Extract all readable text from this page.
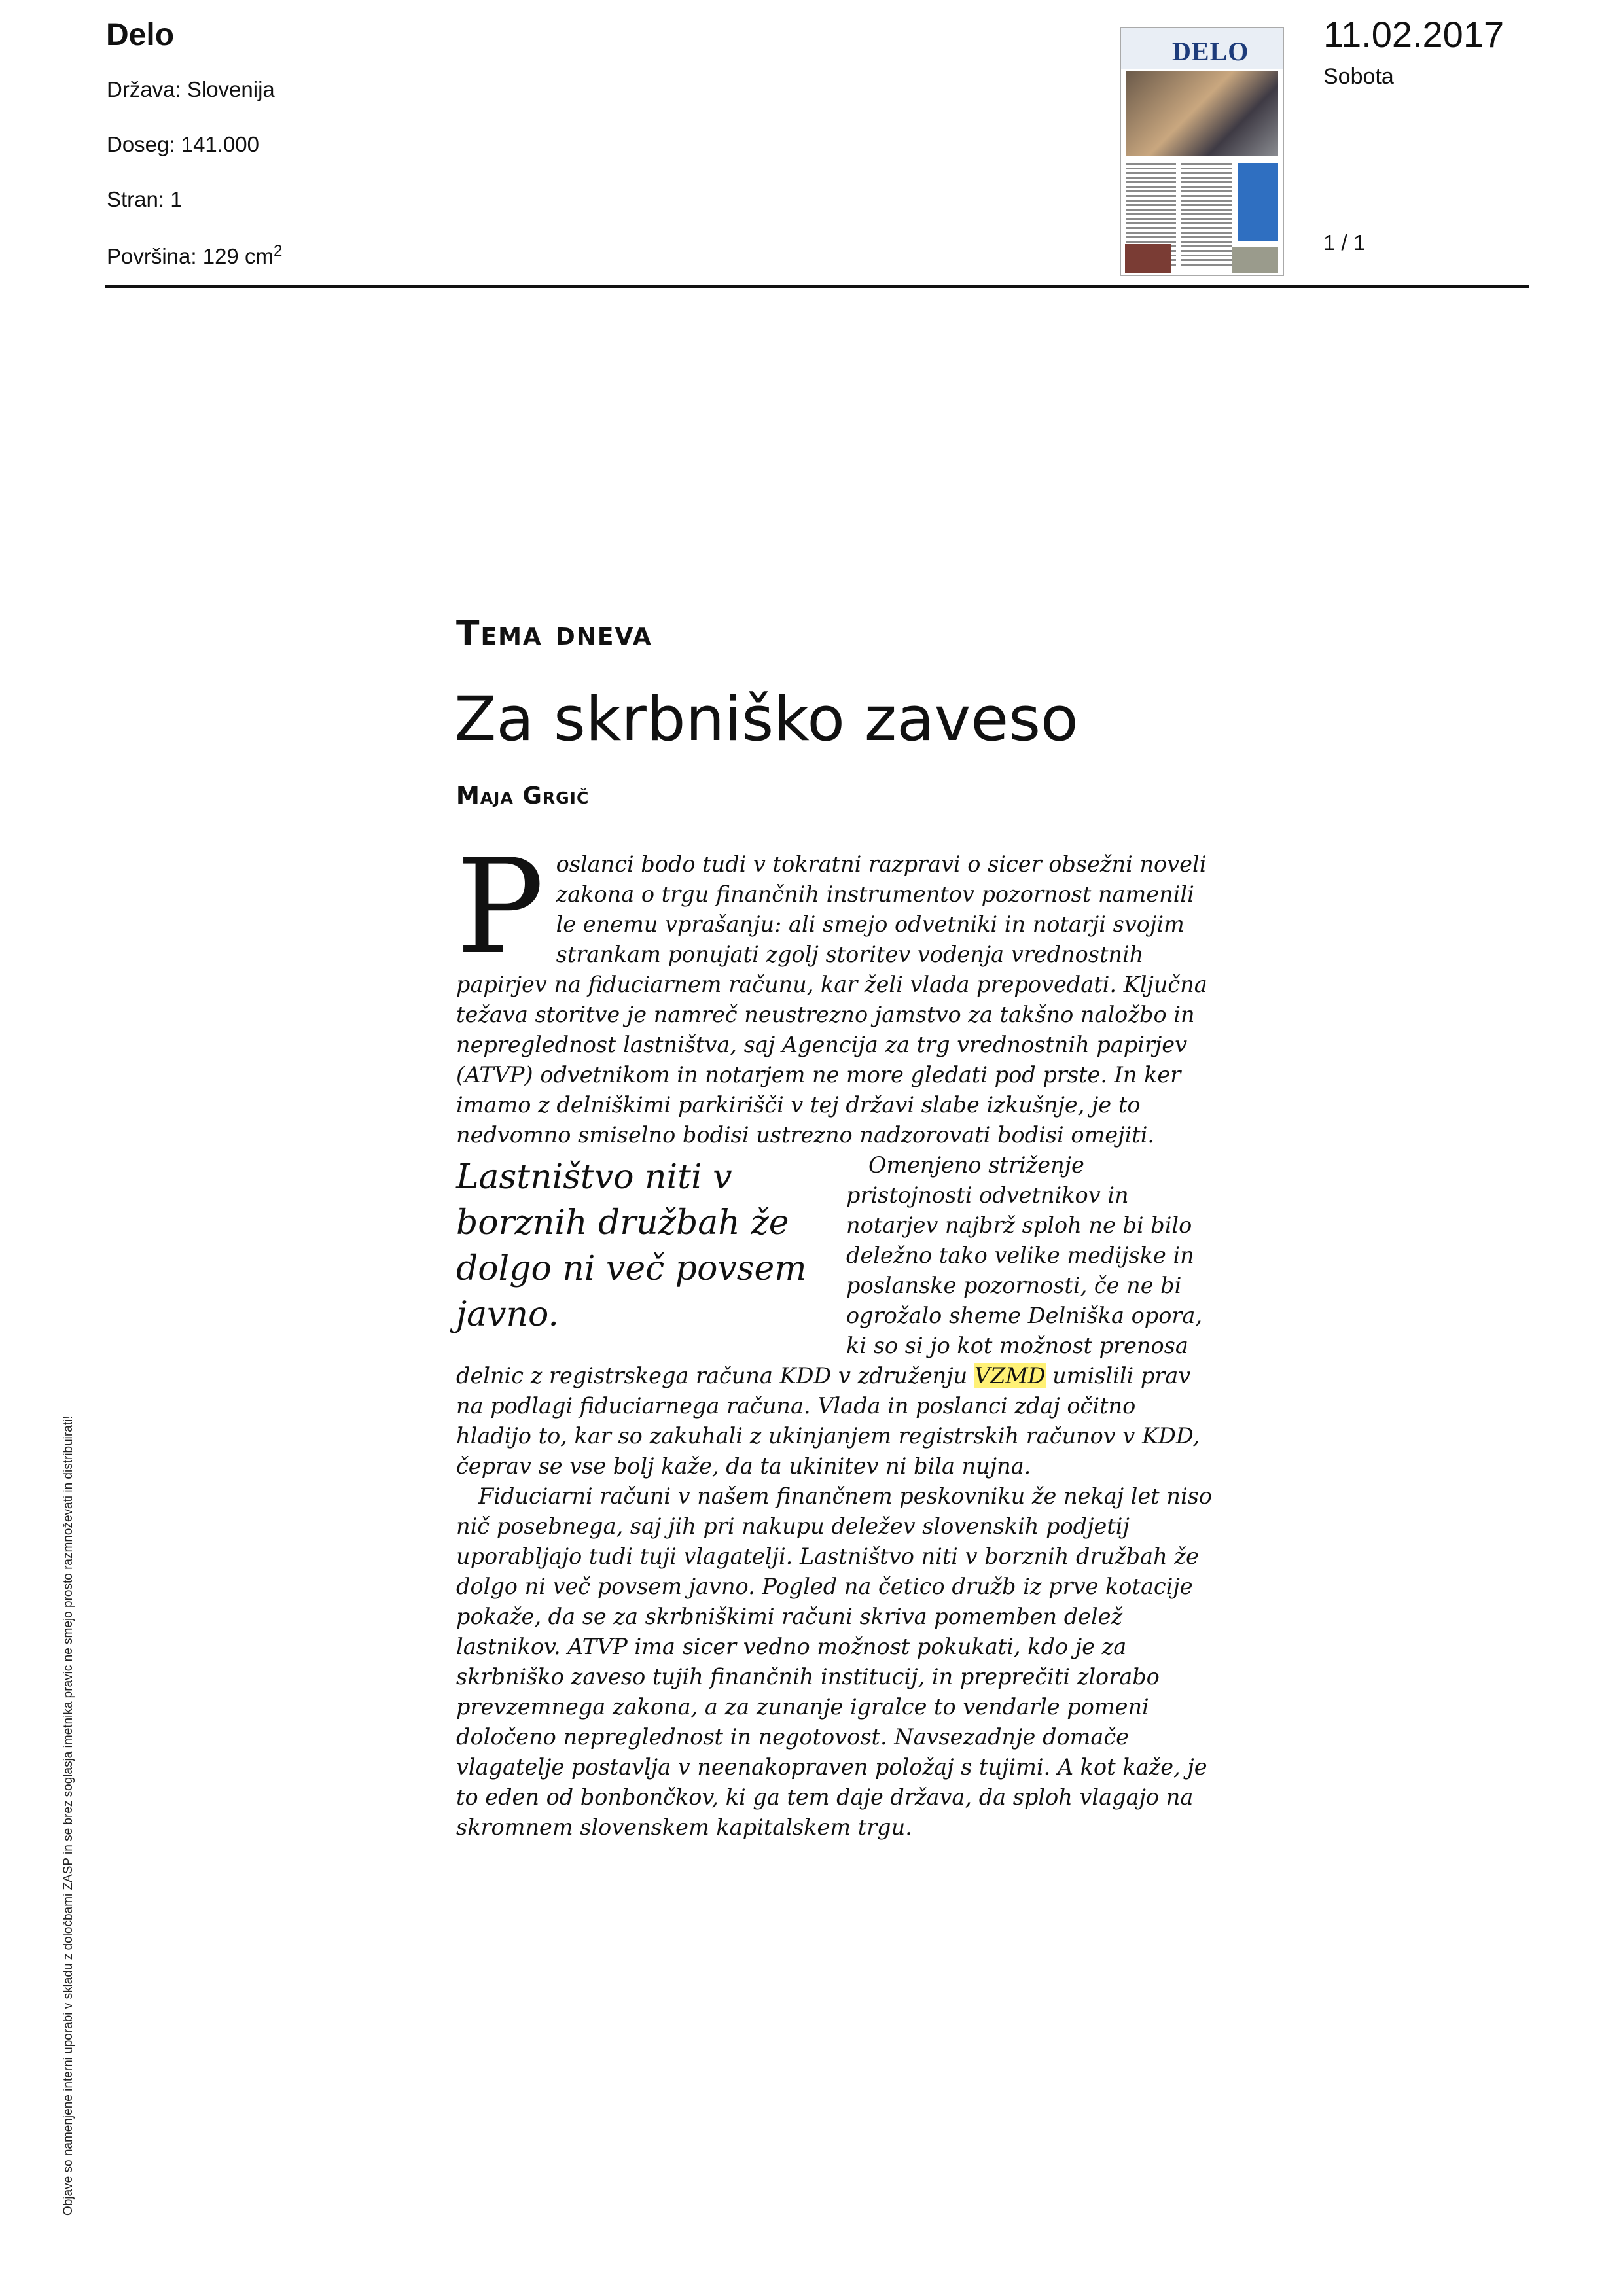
Delo
Država: Slovenija
Doseg: 141.000
Stran: 1
Površina: 129 $cm^2$
DELO 11.02.2017
Sobota
1 / 1
Tema dneva
Za skrbniško zaveso
Maja Grgič

Poslanci bodo tudi v tokratni razpravi o sicer obsežni noveli zakona o trgu finančnih instrumentov pozornost namenili le enemu vprašanju: ali smejo odvetniki in notarji svojim strankam ponujati zgolj storitev vodenja vrednostnih papirjev na fiduciarnem računu, kar želi vlada prepovedati. Ključna težava storitve je namreč neustrezno jamstvo za takšno naložbo in nepreglednost lastništva, saj Agencija za trg vrednostnih papirjev (ATVP) odvetnikom in notarjem ne more gledati pod prste. In ker imamo z delniškimi parkirišči v tej državi slabe izkušnje, je to nedvomno smiselno bodisi ustrezno nadzorovati bodisi omejiti.

Lastništvo niti v borznih družbah že dolgo ni več povsem javno.

Omenjeno striženje pristojnosti odvetnikov in notarjev najbrž sploh ne bi bilo deležno tako velike medijske in poslanske pozornosti, če ne bi ogrožalo sheme Delniška opora, ki so si jo kot možnost prenosa delnic z registrskega računa KDD v združenju VZMD umislili prav na podlagi fiduciarnega računa. Vlada in poslanci zdaj očitno hladijo to, kar so zakuhali z ukinjanjem registrskih računov v KDD, čeprav se vse bolj kaže, da ta ukinitev ni bila nujna.

Fiduciarni računi v našem finančnem peskovniku že nekaj let niso nič posebnega, saj jih pri nakupu deležev slovenskih podjetij uporabljajo tudi tuji vlagatelji. Lastništvo niti v borznih družbah že dolgo ni več povsem javno. Pogled na četico družb iz prve kotacije pokaže, da se za skrbniškimi računi skriva pomemben delež lastnikov. ATVP ima sicer vedno možnost pokukati, kdo je za skrbniško zaveso tujih finančnih institucij, in preprečiti zlorabo prevzemnega zakona, a za zunanje igralce to vendarle pomeni določeno nepreglednost in negotovost. Navsezadnje domače vlagatelje postavlja v neenakopraven položaj s tujimi. A kot kaže, je to eden od bonbončkov, ki ga tem daje država, da sploh vlagajo na skromnem slovenskem kapitalskem trgu.

Objave so namenjene interni uporabi v skladu z določbami ZASP in se brez soglasja imetnika pravic ne smejo prosto razmnoževati in distribuirati!
